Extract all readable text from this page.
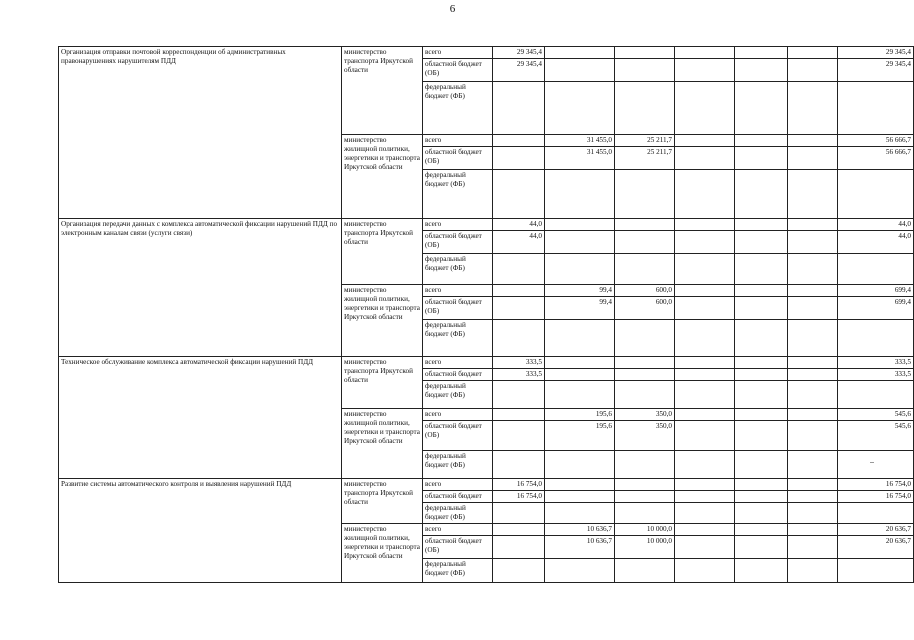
6
Организация отправки почтовой корреспонденции об административных правонарушениях нарушителям ПДД	министерство транспорта Иркутской области	всего	29 345,4						29 345,4
		областной бюджет (ОБ)	29 345,4						29 345,4
		федеральный бюджет (ФБ)							
	министерство жилищной политики, энергетики и транспорта Иркутской области	всего		31 455,0	25 211,7				56 666,7
		областной бюджет (ОБ)		31 455,0	25 211,7				56 666,7
		федеральный бюджет (ФБ)							
Организация передачи данных с комплекса автоматической фиксации нарушений ПДД по электронным каналам связи (услуги связи)	министерство транспорта Иркутской области	всего	44,0						44,0
		областной бюджет (ОБ)	44,0						44,0
		федеральный бюджет (ФБ)							
	министерство жилищной политики, энергетики и транспорта Иркутской области	всего		99,4	600,0				699,4
		областной бюджет (ОБ)		99,4	600,0				699,4
		федеральный бюджет (ФБ)							
Техническое обслуживание комплекса автоматической фиксации нарушений ПДД	министерство транспорта Иркутской области	всего	333,5						333,5
		областной бюджет	333,5						333,5
		федеральный бюджет (ФБ)							
	министерство жилищной политики, энергетики и транспорта Иркутской области	всего		195,6	350,0				545,6
		областной бюджет (ОБ)		195,6	350,0				545,6
		федеральный бюджет (ФБ)							
Развитие системы автоматического контроля и выявления нарушений ПДД	министерство транспорта Иркутской области	всего	16 754,0						16 754,0
		областной бюджет	16 754,0						16 754,0
		федеральный бюджет (ФБ)							
	министерство жилищной политики, энергетики и транспорта Иркутской области	всего		10 636,7	10 000,0				20 636,7
		областной бюджет (ОБ)		10 636,7	10 000,0				20 636,7
		федеральный бюджет (ФБ)							
